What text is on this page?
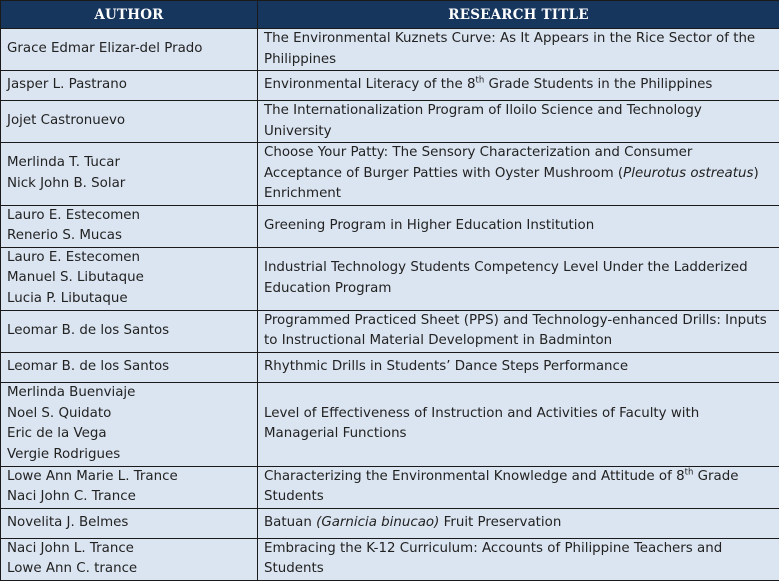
AUTHOR	RESEARCH TITLE

Grace Edmar Elizar-del Prado	The Environmental Kuznets Curve: As It Appears in the Rice Sector of the Philippines

Jasper L. Pastrano	Environmental Literacy of the 8th Grade Students in the Philippines

Jojet Castronuevo	The Internationalization Program of Iloilo Science and Technology University

Merlinda T. Tucar
Nick John B. Solar	Choose Your Patty: The Sensory Characterization and Consumer Acceptance of Burger Patties with Oyster Mushroom (Pleurotus ostreatus) Enrichment

Lauro E. Estecomen
Renerio S. Mucas	Greening Program in Higher Education Institution

Lauro E. Estecomen
Manuel S. Libutaque
Lucia P. Libutaque	Industrial Technology Students Competency Level Under the Ladderized Education Program

Leomar B. de los Santos	Programmed Practiced Sheet (PPS) and Technology-enhanced Drills: Inputs to Instructional Material Development in Badminton

Leomar B. de los Santos	Rhythmic Drills in Students’ Dance Steps Performance

Merlinda Buenviaje
Noel S. Quidato
Eric de la Vega
Vergie Rodrigues	Level of Effectiveness of Instruction and Activities of Faculty with Managerial Functions

Lowe Ann Marie L. Trance
Naci John C. Trance	Characterizing the Environmental Knowledge and Attitude of 8th Grade Students

Novelita J. Belmes	Batuan (Garnicia binucao) Fruit Preservation

Naci John L. Trance
Lowe Ann C. trance	Embracing the K-12 Curriculum: Accounts of Philippine Teachers and Students
